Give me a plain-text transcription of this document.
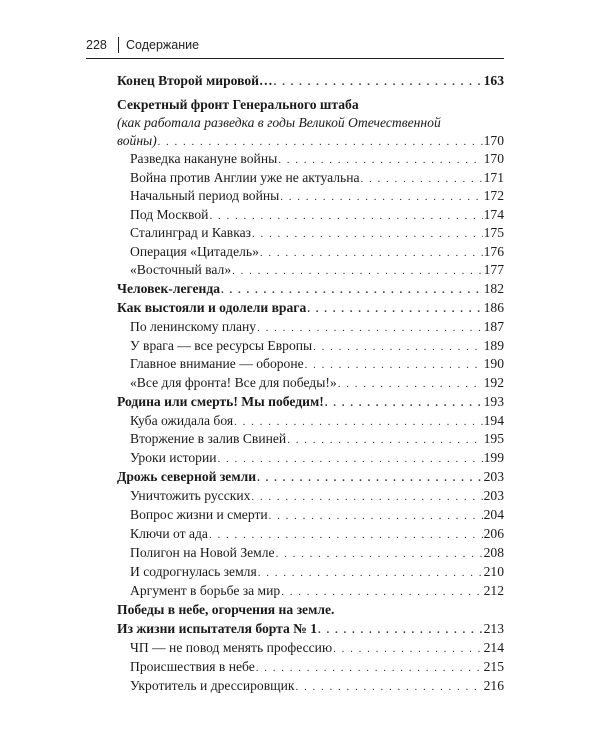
228 Содержание
Конец Второй мировой… . . .	163
Секретный фронт Генерального штаба
(как работала разведка в годы Великой Отечественной
войны) . . .	170
Разведка накануне войны . . .	170
Война против Англии уже не актуальна . . .	171
Начальный период войны . . .	172
Под Москвой . . .	174
Сталинград и Кавказ . . .	175
Операция «Цитадель» . . .	176
«Восточный вал» . . .	177
Человек-легенда . . .	182
Как выстояли и одолели врага . . .	186
По ленинскому плану . . .	187
У врага — все ресурсы Европы . . .	189
Главное внимание — обороне . . .	190
«Все для фронта! Все для победы!» . . .	192
Родина или смерть! Мы победим! . . .	193
Куба ожидала боя . . .	194
Вторжение в залив Свиней . . .	195
Уроки истории . . .	199
Дрожь северной земли . . .	203
Уничтожить русских . . .	203
Вопрос жизни и смерти . . .	204
Ключи от ада . . .	206
Полигон на Новой Земле . . .	208
И содрогнулась земля . . .	210
Аргумент в борьбе за мир . . .	212
Победы в небе, огорчения на земле.
Из жизни испытателя борта № 1 . . .	213
ЧП — не повод менять профессию . . .	214
Происшествия в небе . . .	215
Укротитель и дрессировщик . . .	216
